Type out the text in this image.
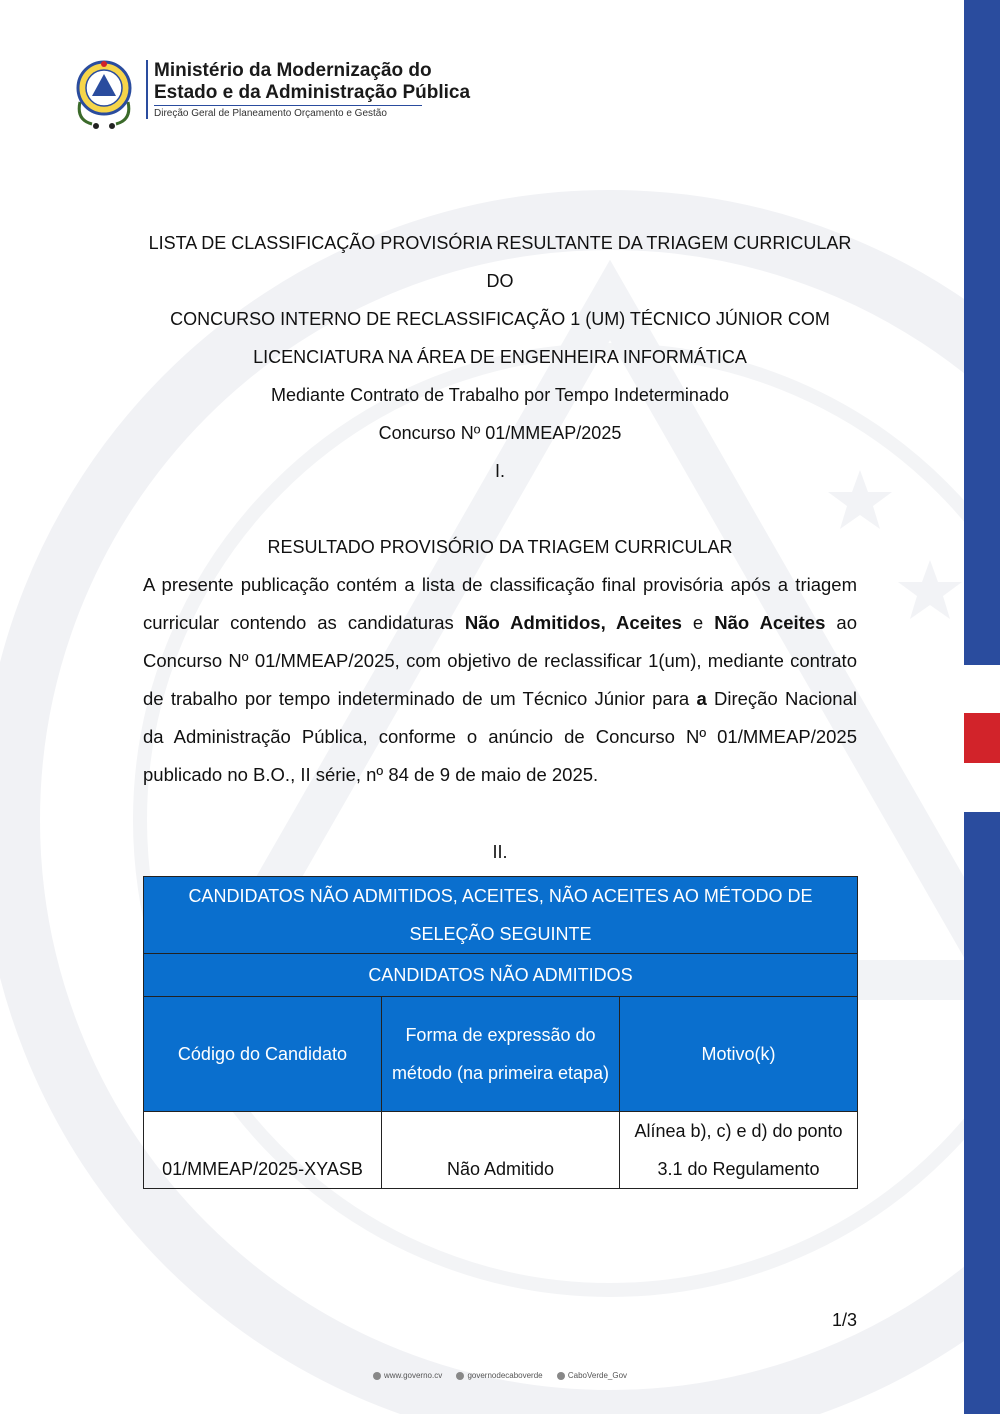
Ministério da Modernização do
Estado e da Administração Pública
Direção Geral de Planeamento Orçamento e Gestão
LISTA DE CLASSIFICAÇÃO PROVISÓRIA RESULTANTE DA TRIAGEM CURRICULAR DO
CONCURSO INTERNO DE RECLASSIFICAÇÃO 1 (UM) TÉCNICO JÚNIOR COM
LICENCIATURA NA ÁREA DE ENGENHEIRA INFORMÁTICA
Mediante Contrato de Trabalho por Tempo Indeterminado
Concurso Nº 01/MMEAP/2025
I.
RESULTADO PROVISÓRIO DA TRIAGEM CURRICULAR

A presente publicação contém a lista de classificação final provisória após a triagem curricular contendo as candidaturas Não Admitidos, Aceites e Não Aceites ao Concurso Nº 01/MMEAP/2025, com objetivo de reclassificar 1(um), mediante contrato de trabalho por tempo indeterminado de um Técnico Júnior para a Direção Nacional da Administração Pública, conforme o anúncio de Concurso Nº 01/MMEAP/2025 publicado no B.O., II série, nº 84 de 9 de maio de 2025.

II.
CANDIDATOS NÃO ADMITIDOS, ACEITES, NÃO ACEITES AO MÉTODO DE SELEÇÃO SEGUINTE		
CANDIDATOS NÃO ADMITIDOS		
Código do Candidato	Forma de expressão do método (na primeira etapa)	Motivo(k)
01/MMEAP/2025-XYASB	Não Admitido	Alínea b), c) e d) do ponto 3.1 do Regulamento
1/3
www.governo.cv	governodecaboverde	CaboVerde_Gov
